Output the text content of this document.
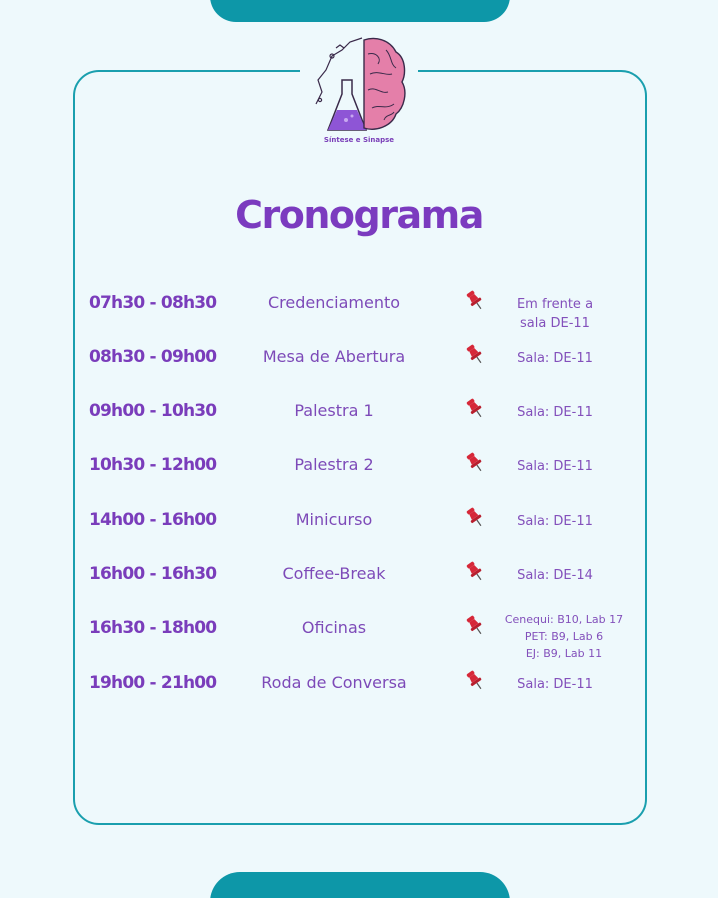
Síntese e Sinapse
Cronograma
07h30 - 08h30	Credenciamento	Em frente a
sala DE-11
08h30 - 09h00	Mesa de Abertura	Sala: DE-11
09h00 - 10h30	Palestra 1	Sala: DE-11
10h30 - 12h00	Palestra 2	Sala: DE-11
14h00 - 16h00	Minicurso	Sala: DE-11
16h00 - 16h30	Coffee-Break	Sala: DE-14
16h30 - 18h00	Oficinas	Cenequi: B10, Lab 17
PET: B9, Lab 6
EJ: B9, Lab 11
19h00 - 21h00	Roda de Conversa	Sala: DE-11
